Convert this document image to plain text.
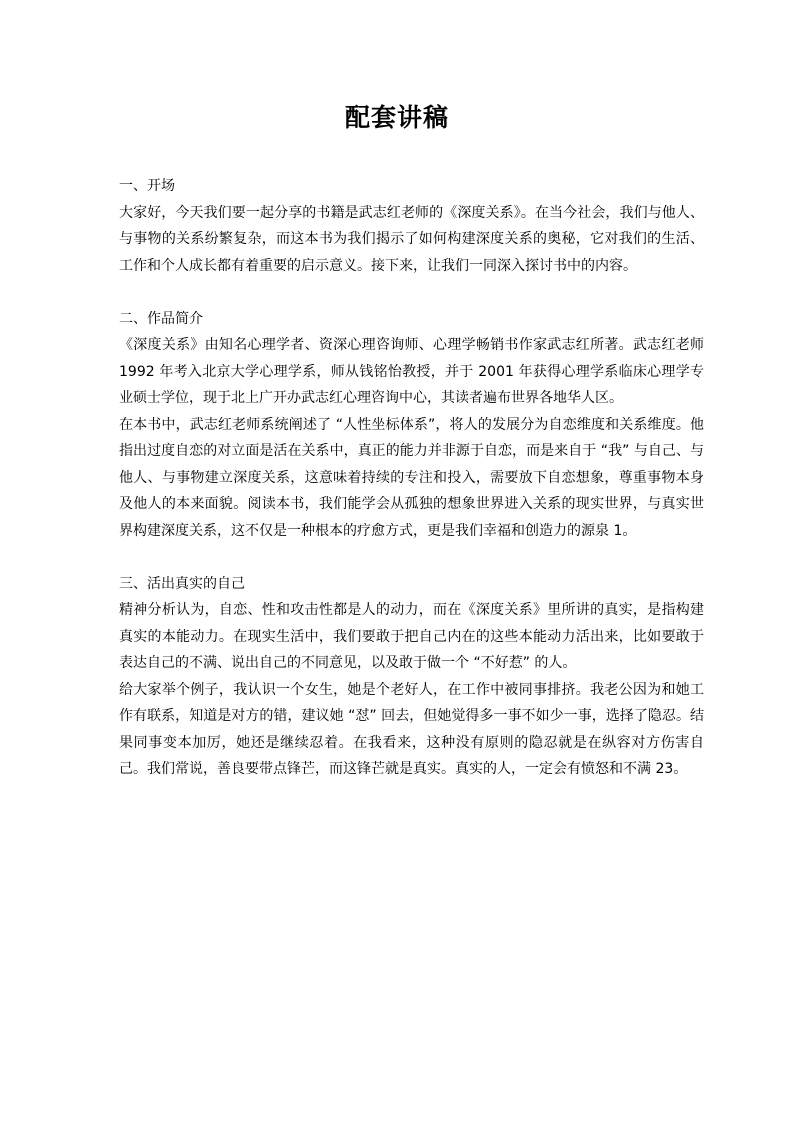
配套讲稿

一、开场

大家好，今天我们要一起分享的书籍是武志红老师的《深度关系》。在当今社会，我们与他人、与事物的关系纷繁复杂，而这本书为我们揭示了如何构建深度关系的奥秘，它对我们的生活、工作和个人成长都有着重要的启示意义。接下来，让我们一同深入探讨书中的内容。

二、作品简介

《深度关系》由知名心理学者、资深心理咨询师、心理学畅销书作家武志红所著。武志红老师 1992 年考入北京大学心理学系，师从钱铭怡教授，并于 2001 年获得心理学系临床心理学专业硕士学位，现于北上广开办武志红心理咨询中心，其读者遍布世界各地华人区。

在本书中，武志红老师系统阐述了 “人性坐标体系”，将人的发展分为自恋维度和关系维度。他指出过度自恋的对立面是活在关系中，真正的能力并非源于自恋，而是来自于 “我” 与自己、与他人、与事物建立深度关系，这意味着持续的专注和投入，需要放下自恋想象，尊重事物本身及他人的本来面貌。阅读本书，我们能学会从孤独的想象世界进入关系的现实世界，与真实世界构建深度关系，这不仅是一种根本的疗愈方式，更是我们幸福和创造力的源泉 1。

三、活出真实的自己

精神分析认为，自恋、性和攻击性都是人的动力，而在《深度关系》里所讲的真实，是指构建真实的本能动力。在现实生活中，我们要敢于把自己内在的这些本能动力活出来，比如要敢于表达自己的不满、说出自己的不同意见，以及敢于做一个 “不好惹” 的人。

给大家举个例子，我认识一个女生，她是个老好人，在工作中被同事排挤。我老公因为和她工作有联系，知道是对方的错，建议她 “怼” 回去，但她觉得多一事不如少一事，选择了隐忍。结果同事变本加厉，她还是继续忍着。在我看来，这种没有原则的隐忍就是在纵容对方伤害自己。我们常说，善良要带点锋芒，而这锋芒就是真实。真实的人，一定会有愤怒和不满 23。
